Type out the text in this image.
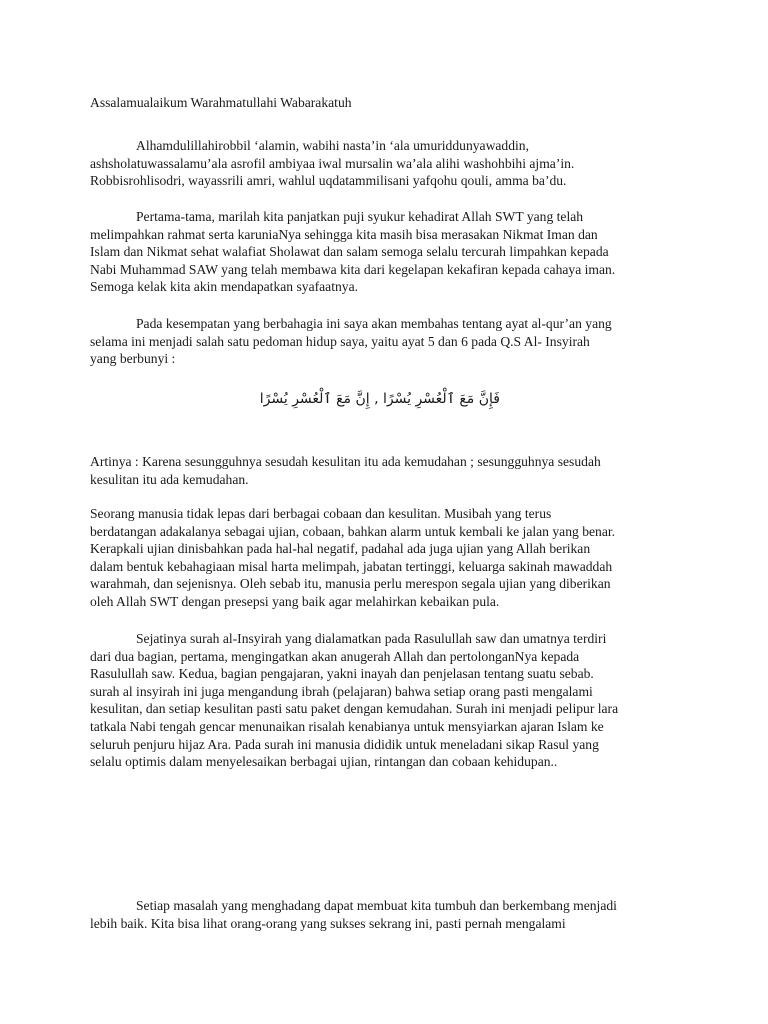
Assalamualaikum Warahmatullahi Wabarakatuh

Alhamdulillahirobbil ‘alamin, wabihi nasta’in ‘ala umuriddunyawaddin,
ashsholatuwassalamu’ala asrofil ambiyaa iwal mursalin wa’ala alihi washohbihi ajma’in.
Robbisrohlisodri, wayassrili amri, wahlul uqdatammilisani yafqohu qouli, amma ba’du.

Pertama-tama, marilah kita panjatkan puji syukur kehadirat Allah SWT yang telah
melimpahkan rahmat serta karuniaNya sehingga kita masih bisa merasakan Nikmat Iman dan
Islam dan Nikmat sehat walafiat Sholawat dan salam semoga selalu tercurah limpahkan kepada
Nabi Muhammad SAW yang telah membawa kita dari kegelapan kekafiran kepada cahaya iman.
Semoga kelak kita akin mendapatkan syafaatnya.

Pada kesempatan yang berbahagia ini saya akan membahas tentang ayat al-qur’an yang
selama ini menjadi salah satu pedoman hidup saya, yaitu ayat 5 dan 6 pada Q.S Al- Insyirah
yang berbunyi :

فَإِنَّ مَعَ ٱلْعُسْرِ يُسْرًا , إِنَّ مَعَ ٱلْعُسْرِ يُسْرًا

Artinya : Karena sesungguhnya sesudah kesulitan itu ada kemudahan ; sesungguhnya sesudah
kesulitan itu ada kemudahan.

Seorang manusia tidak lepas dari berbagai cobaan dan kesulitan. Musibah yang terus
berdatangan adakalanya sebagai ujian, cobaan, bahkan alarm untuk kembali ke jalan yang benar.
Kerapkali ujian dinisbahkan pada hal-hal negatif, padahal ada juga ujian yang Allah berikan
dalam bentuk kebahagiaan misal harta melimpah, jabatan tertinggi, keluarga sakinah mawaddah
warahmah, dan sejenisnya. Oleh sebab itu, manusia perlu merespon segala ujian yang diberikan
oleh Allah SWT dengan presepsi yang baik agar melahirkan kebaikan pula.

Sejatinya surah al-Insyirah yang dialamatkan pada Rasulullah saw dan umatnya terdiri
dari dua bagian, pertama, mengingatkan akan anugerah Allah dan pertolonganNya kepada
Rasulullah saw. Kedua, bagian pengajaran, yakni inayah dan penjelasan tentang suatu sebab.
surah al insyirah ini juga mengandung ibrah (pelajaran) bahwa setiap orang pasti mengalami
kesulitan, dan setiap kesulitan pasti satu paket dengan kemudahan. Surah ini menjadi pelipur lara
tatkala Nabi tengah gencar menunaikan risalah kenabianya untuk mensyiarkan ajaran Islam ke
seluruh penjuru hijaz Ara. Pada surah ini manusia dididik untuk meneladani sikap Rasul yang
selalu optimis dalam menyelesaikan berbagai ujian, rintangan dan cobaan kehidupan..

Setiap masalah yang menghadang dapat membuat kita tumbuh dan berkembang menjadi
lebih baik. Kita bisa lihat orang-orang yang sukses sekrang ini, pasti pernah mengalami
